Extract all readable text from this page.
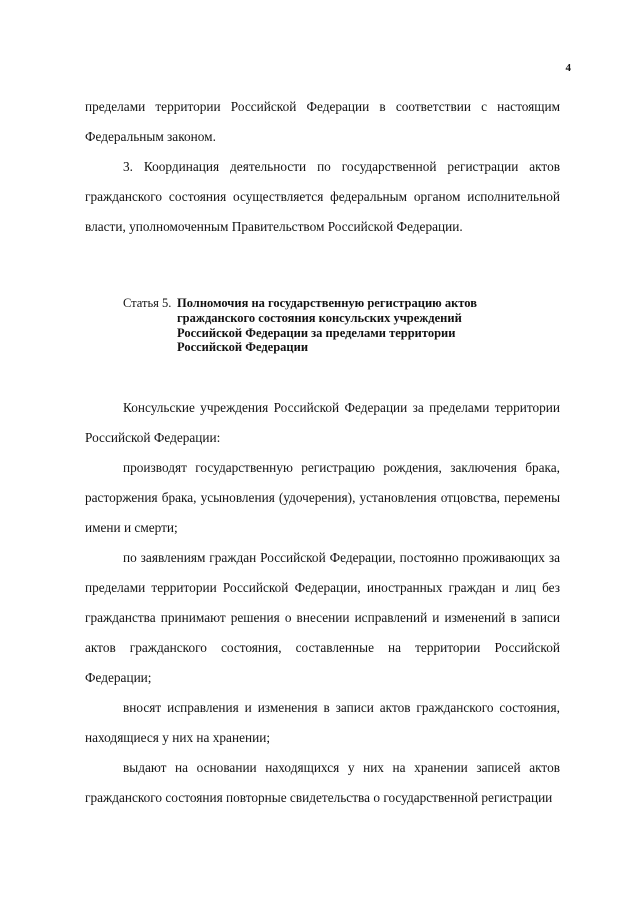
4

пределами территории Российской Федерации в соответствии с настоящим Федеральным законом.

3. Координация деятельности по государственной регистрации актов гражданского состояния осуществляется федеральным органом исполнительной власти, уполномоченным Правительством Российской Федерации.

Статья 5. Полномочия на государственную регистрацию актов
гражданского состояния консульских учреждений
Российской Федерации за пределами территории
Российской Федерации

Консульские учреждения Российской Федерации за пределами территории Российской Федерации:

производят государственную регистрацию рождения, заключения брака, расторжения брака, усыновления (удочерения), установления отцовства, перемены имени и смерти;

по заявлениям граждан Российской Федерации, постоянно проживающих за пределами территории Российской Федерации, иностранных граждан и лиц без гражданства принимают решения о внесении исправлений и изменений в записи актов гражданского состояния, составленные на территории Российской Федерации;

вносят исправления и изменения в записи актов гражданского состояния, находящиеся у них на хранении;

выдают на основании находящихся у них на хранении записей актов гражданского состояния повторные свидетельства о государственной регистрации
